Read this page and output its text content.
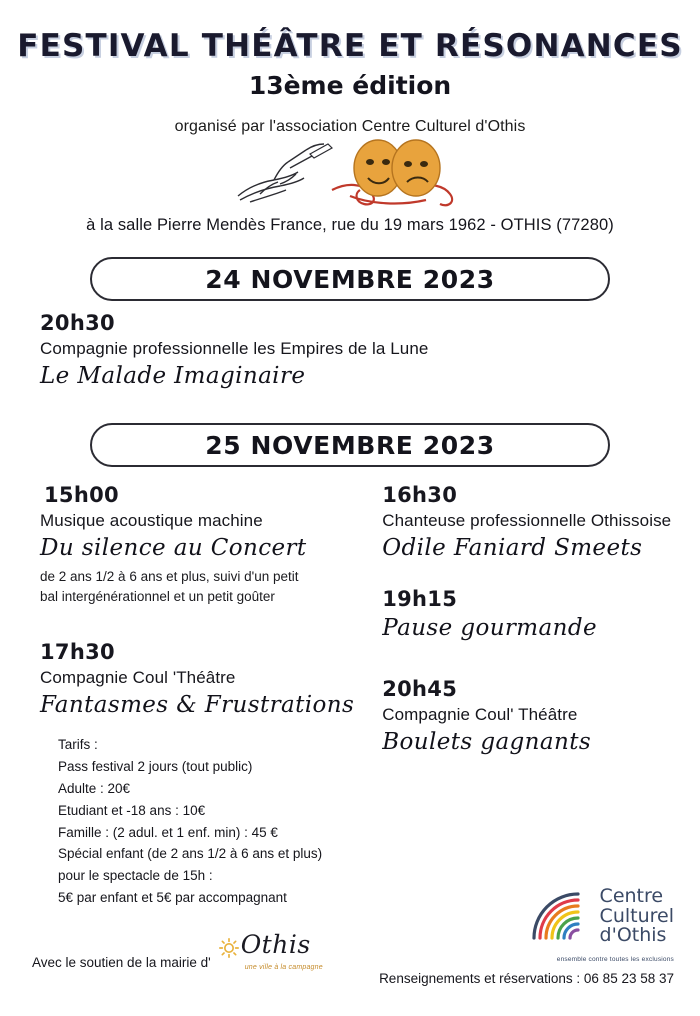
FESTIVAL THÉÂTRE ET RÉSONANCES
13ème édition
organisé par l'association Centre Culturel d'Othis
à la salle Pierre Mendès France, rue du 19 mars 1962 - OTHIS (77280)
24 NOVEMBRE 2023
20h30
Compagnie professionnelle les Empires de la Lune
Le Malade Imaginaire
25 NOVEMBRE 2023
15h00
Musique acoustique machine
Du silence au Concert
de 2 ans 1/2 à 6 ans et plus, suivi d'un petit
bal intergénérationnel et un petit goûter
17h30
Compagnie Coul 'Théâtre
Fantasmes & Frustrations
Tarifs :
Pass festival 2 jours (tout public)
Adulte : 20€
Etudiant et -18 ans : 10€
Famille : (2 adul. et 1 enf. min) : 45 €
Spécial enfant (de 2 ans 1/2 à 6 ans et plus)
pour le spectacle de 15h :
5€ par enfant et 5€ par accompagnant
16h30
Chanteuse professionnelle Othissoise
Odile Faniard Smeets
19h15
Pause gourmande
20h45
Compagnie Coul' Théâtre
Boulets gagnants
Avec le soutien de la mairie d'
Othis
une ville à la campagne
Centre
Culturel
d'Othis
ensemble contre toutes les exclusions
Renseignements et réservations : 06 85 23 58 37
